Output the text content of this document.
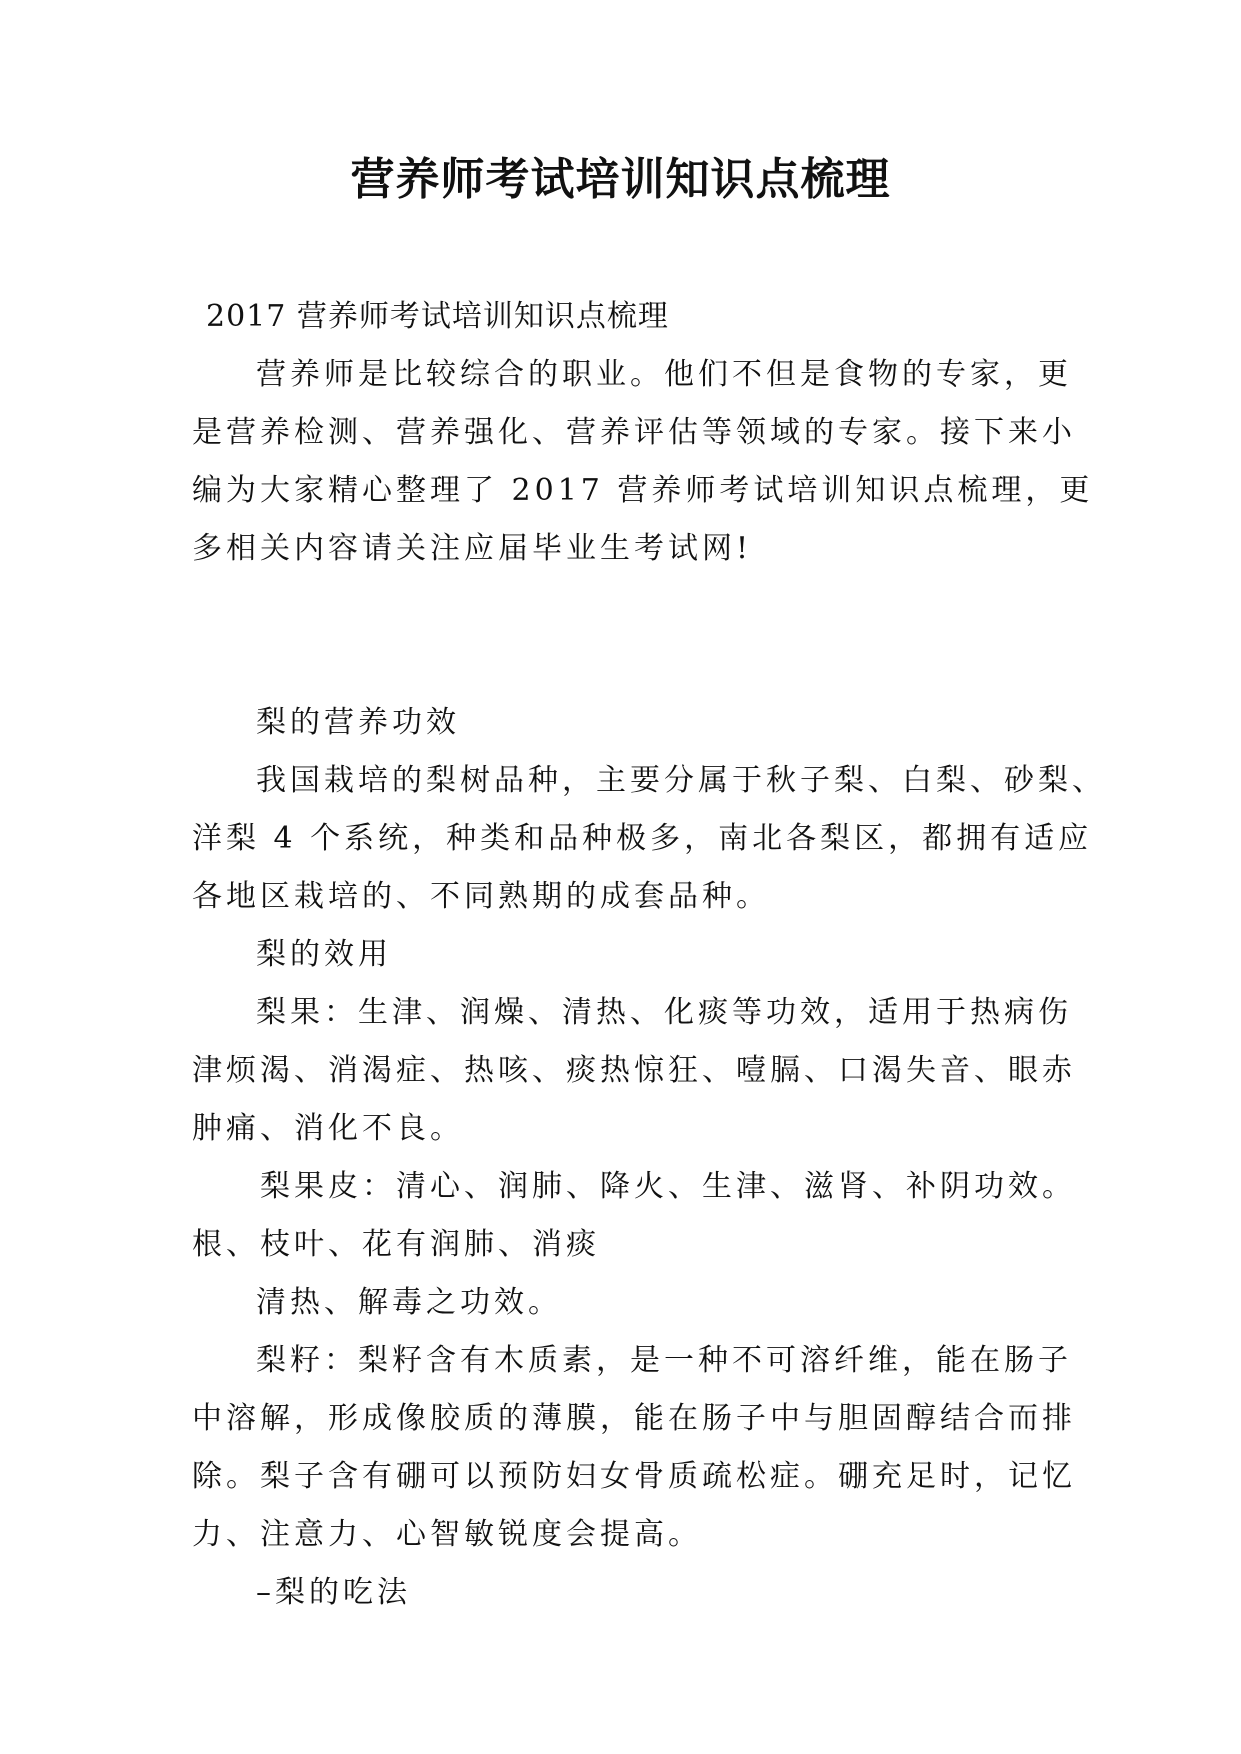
营养师考试培训知识点梳理
2017 营养师考试培训知识点梳理
营养师是比较综合的职业。他们不但是食物的专家，更
是营养检测、营养强化、营养评估等领域的专家。接下来小
编为大家精心整理了 2017 营养师考试培训知识点梳理，更
多相关内容请关注应届毕业生考试网!
梨的营养功效
我国栽培的梨树品种，主要分属于秋子梨、白梨、砂梨、
洋梨 4 个系统，种类和品种极多，南北各梨区，都拥有适应
各地区栽培的、不同熟期的成套品种。
梨的效用
梨果：生津、润燥、清热、化痰等功效，适用于热病伤
津烦渴、消渴症、热咳、痰热惊狂、噎膈、口渴失音、眼赤
肿痛、消化不良。
梨果皮：清心、润肺、降火、生津、滋肾、补阴功效。
根、枝叶、花有润肺、消痰
清热、解毒之功效。
梨籽：梨籽含有木质素，是一种不可溶纤维，能在肠子
中溶解，形成像胶质的薄膜，能在肠子中与胆固醇结合而排
除。梨子含有硼可以预防妇女骨质疏松症。硼充足时，记忆
力、注意力、心智敏锐度会提高。
–梨的吃法
